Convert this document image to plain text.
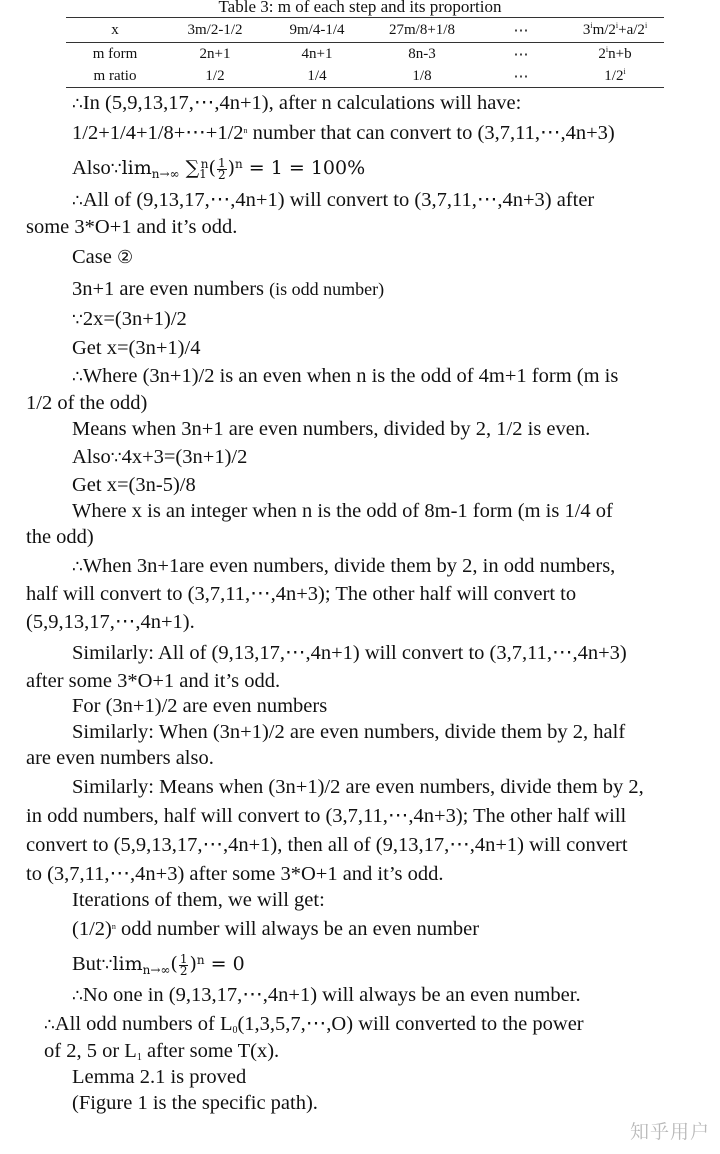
Table 3: m of each step and its proportion
x	3m/2-1/2	9m/4-1/4	27m/8+1/8	⋯	$3^im/2^i+a/2^i$
m form	2n+1	4n+1	8n-3	⋯	$2^in+b$
m ratio	1/2	1/4	1/8	⋯	1/2$^i$
∴In (5,9,13,17,⋯,4n+1), after n calculations will have:
$1/2+1/4+1/8+\cdots+1/2^n$ number that can convert to (3,7,11,⋯,4n+3)
$Also\because\lim_{n\to\infty}$ $\sum_1^n( \frac{1}{2} )^n = 1 = 100\%$
∴All of (9,13,17,⋯,4n+1) will convert to (3,7,11,⋯,4n+3) after
some 3*O+1 and it’s odd.
Case ②
3n+1 are even numbers (is odd number)
∵2x=(3n+1)/2
Get x=(3n+1)/4
∴Where (3n+1)/2 is an even when n is the odd of 4m+1 form (m is
1/2 of the odd)
Means when 3n+1 are even numbers, divided by 2, 1/2 is even.
Also∵4x+3=(3n+1)/2
Get x=(3n-5)/8
Where x is an integer when n is the odd of 8m-1 form (m is 1/4 of
the odd)
∴When 3n+1are even numbers, divide them by 2, in odd numbers,
half will convert to (3,7,11,⋯,4n+3); The other half will convert to
(5,9,13,17,⋯,4n+1).
Similarly: All of (9,13,17,⋯,4n+1) will convert to (3,7,11,⋯,4n+3)
after some 3*O+1 and it’s odd.
For (3n+1)/2 are even numbers
Similarly: When (3n+1)/2 are even numbers, divide them by 2, half
are even numbers also.
Similarly: Means when (3n+1)/2 are even numbers, divide them by 2,
in odd numbers, half will convert to (3,7,11,⋯,4n+3); The other half will
convert to (5,9,13,17,⋯,4n+1), then all of (9,13,17,⋯,4n+1) will convert
to (3,7,11,⋯,4n+3) after some 3*O+1 and it’s odd.
Iterations of them, we will get:
$(1/2)^n$ odd number will always be an even number
$But\because\lim_{n\to\infty}( \frac{1}{2} )^n = 0$
∴No one in (9,13,17,⋯,4n+1) will always be an even number.
∴All odd numbers of $L_0(1,3,5,7,\cdots,O)$ will converted to the power
of 2, 5 or $L_1$ after some T(x).
Lemma 2.1 is proved
(Figure 1 is the specific path).
知乎用户
